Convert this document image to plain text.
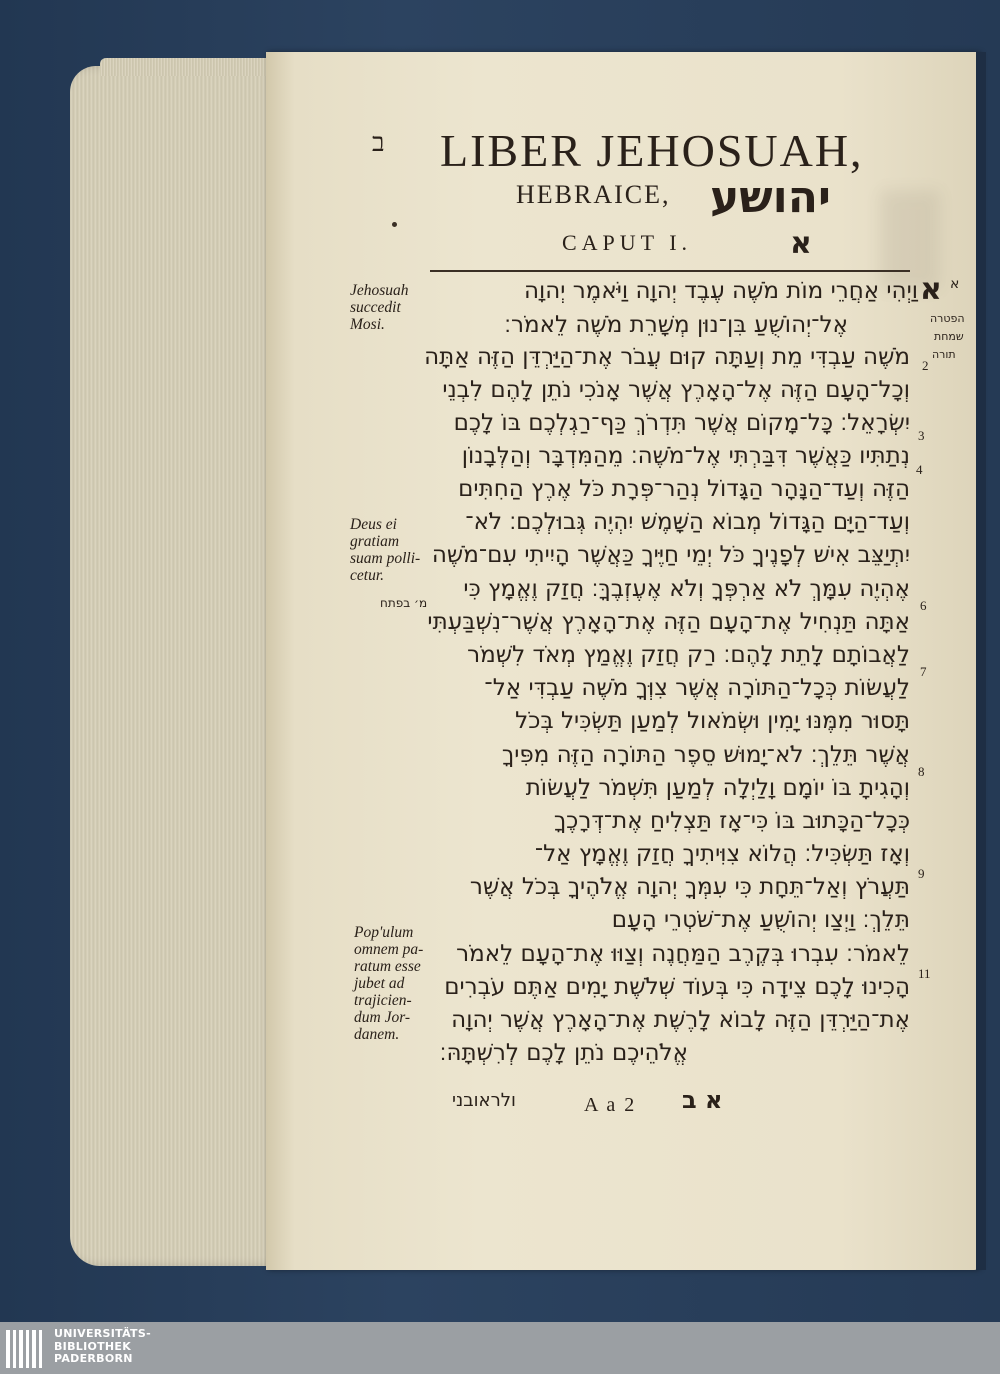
ב LIBER JEHOSUAH,
HEBRAICE, יהושע
CAPUT I.	א
א א
הפטרה
שמחת
תורה
Jehosuah
succedit
Mosi.
Deus ei
gratiam
suam polli-
cetur.
מ׳ בפתח
Pop'ulum
omnem pa-
ratum esse
jubet ad
trajicien-
dum Jor-
danem.
2
3
4
6
7
8
9
11
וַיְהִי אַחֲרֵי מוֹת מֹשֶׁה עֶבֶד יְהוָה וַיֹּאמֶר יְהוָה
אֶל־יְהוֹשֻׁעַ בִּן־נוּן מְשָׁרֵת מֹשֶׁה לֵאמֹר׃
מֹשֶׁה עַבְדִּי מֵת וְעַתָּה קוּם עֲבֹר אֶת־הַיַּרְדֵּן הַזֶּה אַתָּה
וְכָל־הָעָם הַזֶּה אֶל־הָאָרֶץ אֲשֶׁר אָנֹכִי נֹתֵן לָהֶם לִבְנֵי
יִשְׂרָאֵל׃ כָּל־מָקוֹם אֲשֶׁר תִּדְרֹךְ כַּף־רַגְלְכֶם בּוֹ לָכֶם
נְתַתִּיו כַּאֲשֶׁר דִּבַּרְתִּי אֶל־מֹשֶׁה׃ מֵהַמִּדְבָּר וְהַלְּבָנוֹן
הַזֶּה וְעַד־הַנָּהָר הַגָּדוֹל נְהַר־פְּרָת כֹּל אֶרֶץ הַחִתִּים
וְעַד־הַיָּם הַגָּדוֹל מְבוֹא הַשָּׁמֶשׁ יִהְיֶה גְּבוּלְכֶם׃ לֹא־
יִתְיַצֵּב אִישׁ לְפָנֶיךָ כֹּל יְמֵי חַיֶּיךָ כַּאֲשֶׁר הָיִיתִי עִם־מֹשֶׁה
אֶהְיֶה עִמָּךְ לֹא אַרְפְּךָ וְלֹא אֶעֶזְבֶךָּ׃ חֲזַק וֶאֱמָץ כִּי
אַתָּה תַּנְחִיל אֶת־הָעָם הַזֶּה אֶת־הָאָרֶץ אֲשֶׁר־נִשְׁבַּעְתִּי
לַאֲבוֹתָם לָתֵת לָהֶם׃ רַק חֲזַק וֶאֱמַץ מְאֹד לִשְׁמֹר
לַעֲשׂוֹת כְּכָל־הַתּוֹרָה אֲשֶׁר צִוְּךָ מֹשֶׁה עַבְדִּי אַל־
תָּסוּר מִמֶּנּוּ יָמִין וּשְׂמֹאול לְמַעַן תַּשְׂכִּיל בְּכֹל
אֲשֶׁר תֵּלֵךְ׃ לֹא־יָמוּשׁ סֵפֶר הַתּוֹרָה הַזֶּה מִפִּיךָ
וְהָגִיתָ בּוֹ יוֹמָם וָלַיְלָה לְמַעַן תִּשְׁמֹר לַעֲשׂוֹת
כְּכָל־הַכָּתוּב בּוֹ כִּי־אָז תַּצְלִיחַ אֶת־דְּרָכֶךָ
וְאָז תַּשְׂכִּיל׃ הֲלוֹא צִוִּיתִיךָ חֲזַק וֶאֱמָץ אַל־
תַּעֲרֹץ וְאַל־תֵּחָת כִּי עִמְּךָ יְהוָה אֱלֹהֶיךָ בְּכֹל אֲשֶׁר
תֵּלֵךְ׃ וַיְצַו יְהוֹשֻׁעַ אֶת־שֹׁטְרֵי הָעָם
לֵאמֹר׃ עִבְרוּ בְּקֶרֶב הַמַּחֲנֶה וְצַוּוּ אֶת־הָעָם לֵאמֹר
הָכִינוּ לָכֶם צֵידָה כִּי בְּעוֹד שְׁלֹשֶׁת יָמִים אַתֶּם עֹבְרִים
אֶת־הַיַּרְדֵּן הַזֶּה לָבוֹא לָרֶשֶׁת אֶת־הָאָרֶץ אֲשֶׁר יְהוָה
אֱלֹהֵיכֶם נֹתֵן לָכֶם לְרִשְׁתָּהּ׃
ולראובני	A a 2 א ב
UNIVERSITÄTS-
BIBLIOTHEK
PADERBORN
